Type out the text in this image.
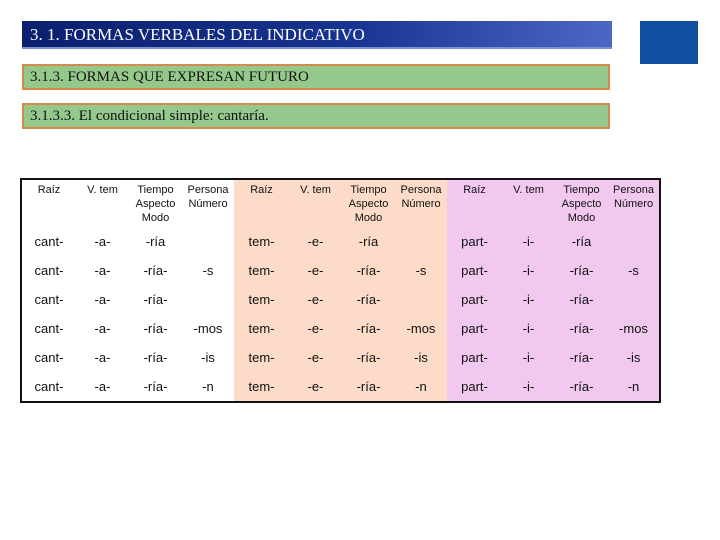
3. 1. FORMAS VERBALES DEL INDICATIVO
3.1.3. FORMAS QUE EXPRESAN FUTURO
3.1.3.3. El condicional simple: cantaría.
Raíz	V. tem	Tiempo Aspecto Modo	Persona Número	Raíz	V. tem	Tiempo Aspecto Modo	Persona Número	Raíz	V. tem	Tiempo Aspecto Modo	Persona Número
cant-	-a-	-ría		tem-	-e-	-ría		part-	-i-	-ría	
cant-	-a-	-ría-	-s	tem-	-e-	-ría-	-s	part-	-i-	-ría-	-s
cant-	-a-	-ría-		tem-	-e-	-ría-		part-	-i-	-ría-	
cant-	-a-	-ría-	-mos	tem-	-e-	-ría-	-mos	part-	-i-	-ría-	-mos
cant-	-a-	-ría-	-is	tem-	-e-	-ría-	-is	part-	-i-	-ría-	-is
cant-	-a-	-ría-	-n	tem-	-e-	-ría-	-n	part-	-i-	-ría-	-n
